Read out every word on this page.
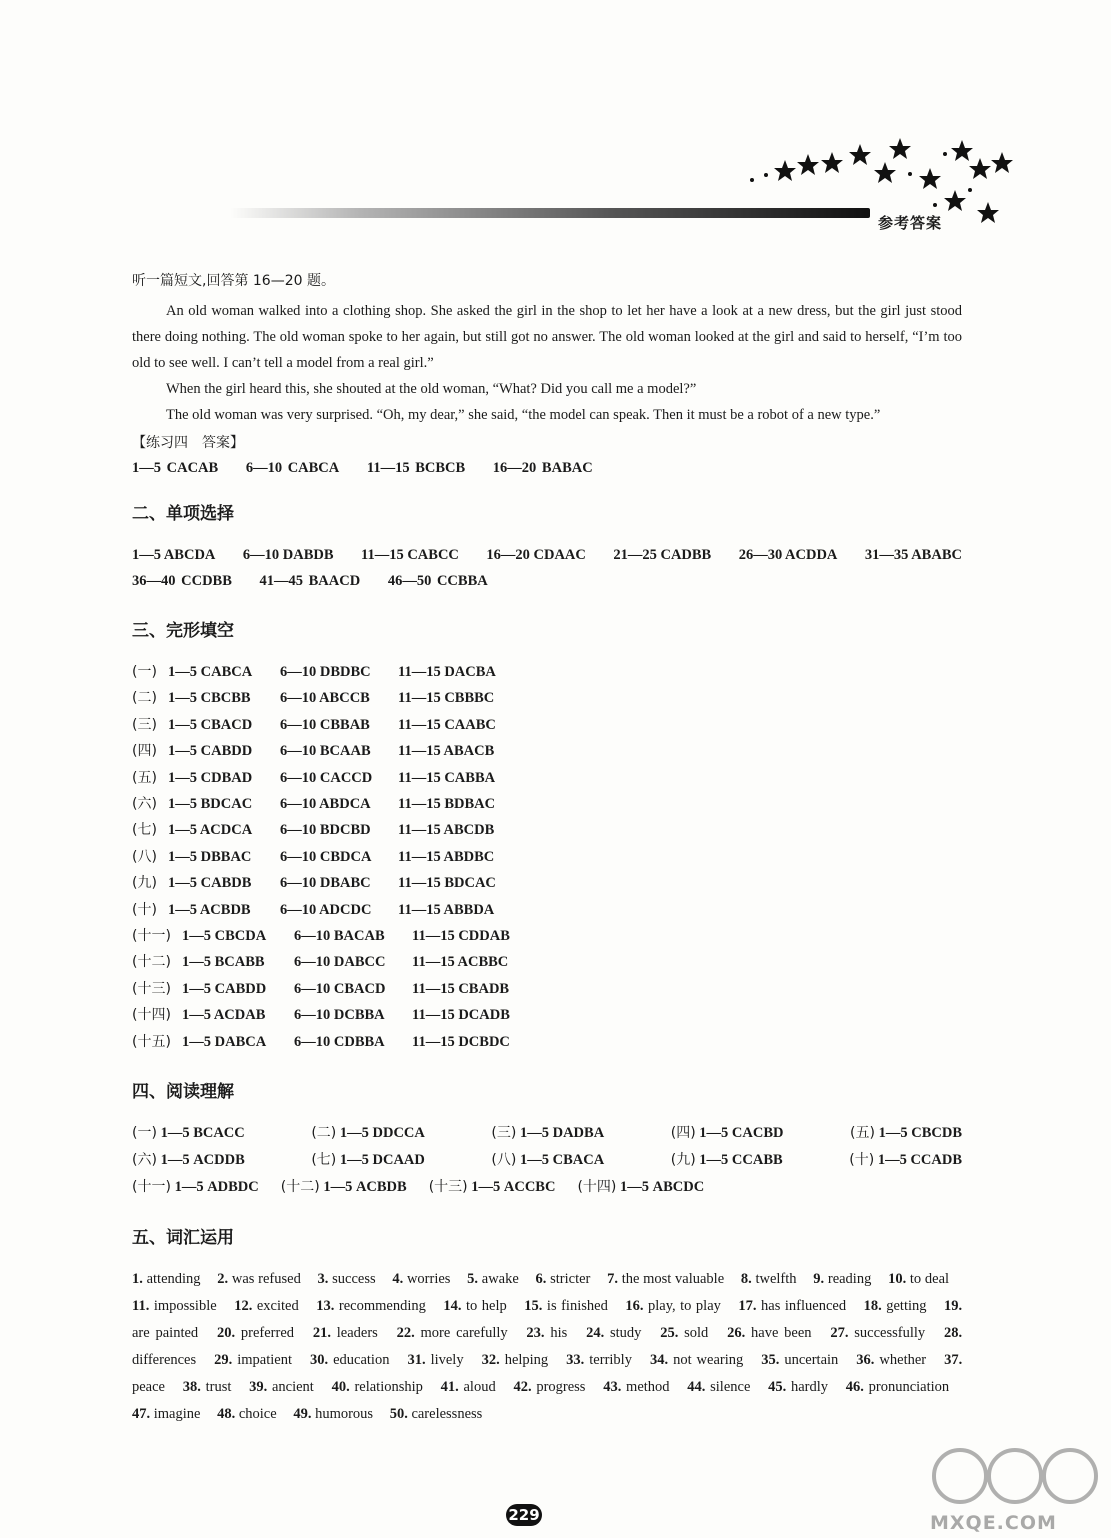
参考答案

听一篇短文,回答第 16—20 题。

An old woman walked into a clothing shop. She asked the girl in the shop to let her have a look at a new dress, but the girl just stood there doing nothing. The old woman spoke to her again, but still got no answer. The old woman looked at the girl and said to herself, “I’m too old to see well. I can’t tell a model from a real girl.”

When the girl heard this, she shouted at the old woman, “What? Did you call me a model?”

The old woman was very surprised. “Oh, my dear,” she said, “the model can speak. Then it must be a robot of a new type.”

【练习四　答案】
1—5 CACAB 6—10 CABCA 11—15 BCBCB 16—20 BABAC
二、单项选择
1—5 ABCDA 6—10 DABDB 11—15 CABCC 16—20 CDAAC 21—25 CADBB 26—30 ACDDA 31—35 ABABC
36—40 CCDBB 41—45 BAACD 46—50 CCBBA
三、完形填空
(一) 1—5 CABCA 6—10 DBDBC 11—15 DACBA
(二) 1—5 CBCBB 6—10 ABCCB 11—15 CBBBC
(三) 1—5 CBACD 6—10 CBBAB 11—15 CAABC
(四) 1—5 CABDD 6—10 BCAAB 11—15 ABACB
(五) 1—5 CDBAD 6—10 CACCD 11—15 CABBA
(六) 1—5 BDCAC 6—10 ABDCA 11—15 BDBAC
(七) 1—5 ACDCA 6—10 BDCBD 11—15 ABCDB
(八) 1—5 DBBAC 6—10 CBDCA 11—15 ABDBC
(九) 1—5 CABDB 6—10 DBABC 11—15 BDCAC
(十) 1—5 ACBDB 6—10 ADCDC 11—15 ABBDA
(十一) 1—5 CBCDA 6—10 BACAB 11—15 CDDAB
(十二) 1—5 BCABB 6—10 DABCC 11—15 ACBBC
(十三) 1—5 CABDD 6—10 CBACD 11—15 CBADB
(十四) 1—5 ACDAB 6—10 DCBBA 11—15 DCADB
(十五) 1—5 DABCA 6—10 CDBBA 11—15 DCBDC
四、阅读理解
(一) 1—5 BCACC	(二) 1—5 DDCCA	(三) 1—5 DADBA	(四) 1—5 CACBD	(五) 1—5 CBCDB
(六) 1—5 ACDDB	(七) 1—5 DCAAD	(八) 1—5 CBACA	(九) 1—5 CCABB	(十) 1—5 CCADB
(十一) 1—5 ADBDC (十二) 1—5 ACBDB (十三) 1—5 ACCBC (十四) 1—5 ABCDC
五、词汇运用
1. attending 2. was refused 3. success 4. worries 5. awake 6. stricter 7. the most valuable 8. twelfth 9. reading 10. to deal 11. impossible 12. excited 13. recommending 14. to help 15. is finished 16. play, to play 17. has influenced 18. getting 19. are painted 20. preferred 21. leaders 22. more carefully 23. his 24. study 25. sold 26. have been 27. successfully 28. differences 29. impatient 30. education 31. lively 32. helping 33. terribly 34. not wearing 35. uncertain 36. whether 37. peace 38. trust 39. ancient 40. relationship 41. aloud 42. progress 43. method 44. silence 45. hardly 46. pronunciation 47. imagine 48. choice 49. humorous 50. carelessness
229	MXQE.COM
